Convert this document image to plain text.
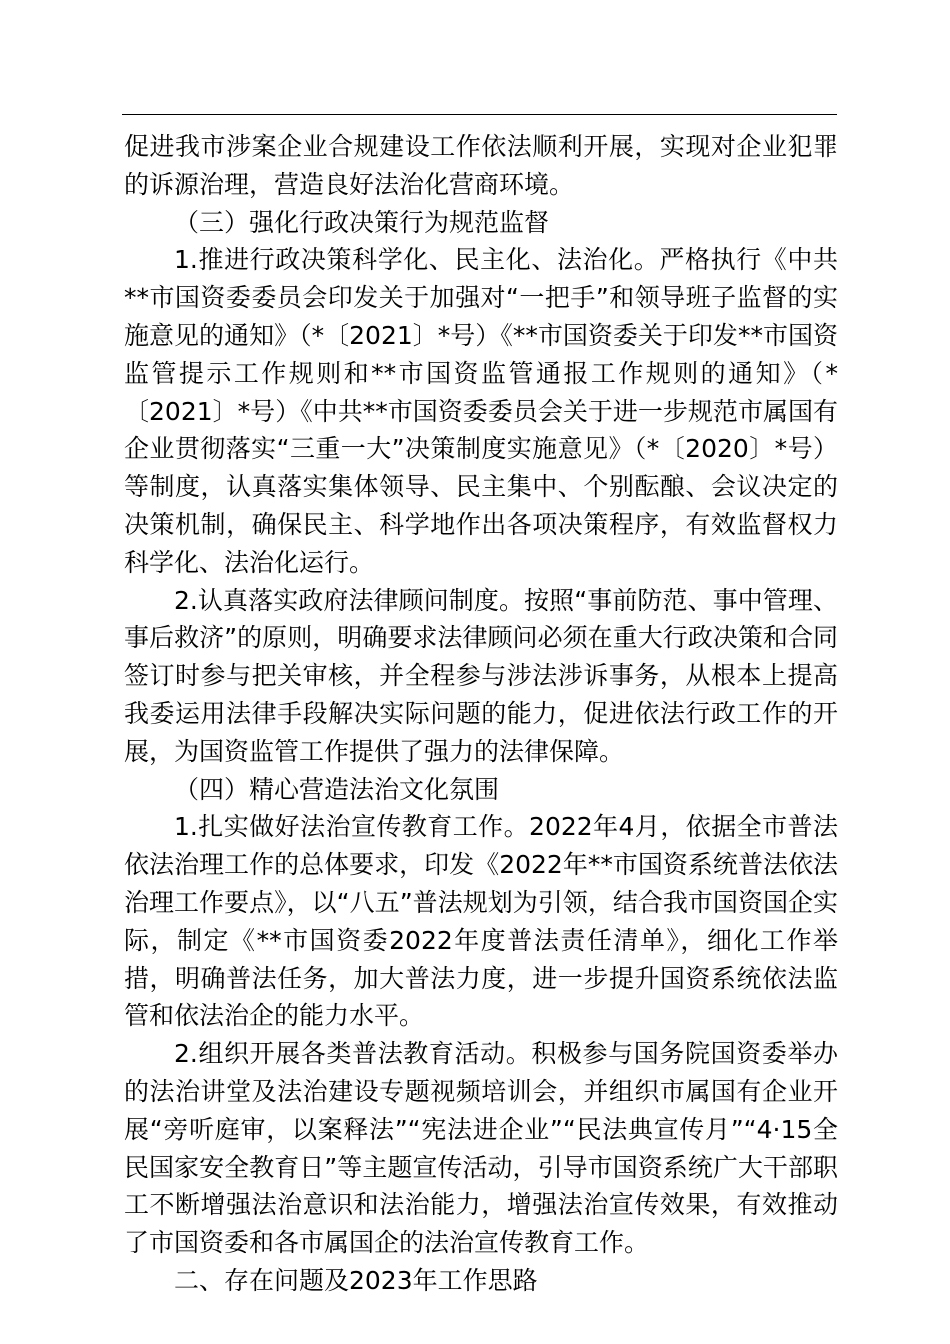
促进我市涉案企业合规建设工作依法顺利开展，实现对企业犯罪的诉源治理，营造良好法治化营商环境。

（三）强化行政决策行为规范监督

1.推进行政决策科学化、民主化、法治化。严格执行《中共**市国资委委员会印发关于加强对“一把手”和领导班子监督的实施意见的通知》（*〔2021〕*号）《**市国资委关于印发**市国资监管提示工作规则和**市国资监管通报工作规则的通知》（*〔2021〕*号）《中共**市国资委委员会关于进一步规范市属国有企业贯彻落实“三重一大”决策制度实施意见》（*〔2020〕*号）等制度，认真落实集体领导、民主集中、个别酝酿、会议决定的决策机制，确保民主、科学地作出各项决策程序，有效监督权力科学化、法治化运行。

2.认真落实政府法律顾问制度。按照“事前防范、事中管理、事后救济”的原则，明确要求法律顾问必须在重大行政决策和合同签订时参与把关审核，并全程参与涉法涉诉事务，从根本上提高我委运用法律手段解决实际问题的能力，促进依法行政工作的开展，为国资监管工作提供了强力的法律保障。

（四）精心营造法治文化氛围

1.扎实做好法治宣传教育工作。2022年4月，依据全市普法依法治理工作的总体要求，印发《2022年**市国资系统普法依法治理工作要点》，以“八五”普法规划为引领，结合我市国资国企实际，制定《**市国资委2022年度普法责任清单》，细化工作举措，明确普法任务，加大普法力度，进一步提升国资系统依法监管和依法治企的能力水平。

2.组织开展各类普法教育活动。积极参与国务院国资委举办的法治讲堂及法治建设专题视频培训会，并组织市属国有企业开展“旁听庭审，以案释法”“宪法进企业”“民法典宣传月”“4·15全民国家安全教育日”等主题宣传活动，引导市国资系统广大干部职工不断增强法治意识和法治能力，增强法治宣传效果，有效推动了市国资委和各市属国企的法治宣传教育工作。

二、存在问题及2023年工作思路
